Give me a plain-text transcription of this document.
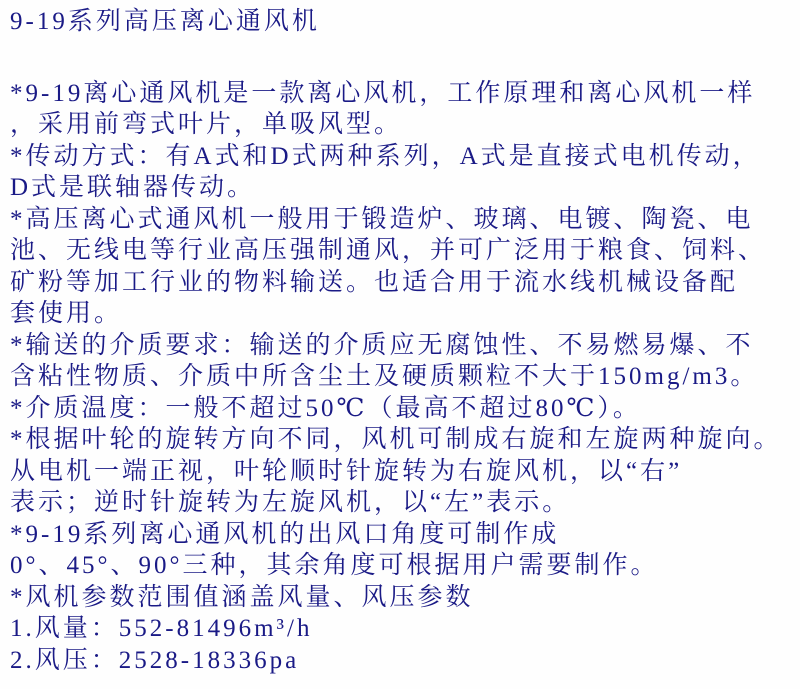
9-19系列高压离心通风机
*9-19离心通风机是一款离心风机，工作原理和离心风机一样
，采用前弯式叶片，单吸风型。
*传动方式：有A式和D式两种系列，A式是直接式电机传动，
D式是联轴器传动。
*高压离心式通风机一般用于锻造炉、玻璃、电镀、陶瓷、电
池、无线电等行业高压强制通风，并可广泛用于粮食、饲料、
矿粉等加工行业的物料输送。也适合用于流水线机械设备配
套使用。
*输送的介质要求：输送的介质应无腐蚀性、不易燃易爆、不
含粘性物质、介质中所含尘土及硬质颗粒不大于150mg/m3。
*介质温度：一般不超过50℃（最高不超过80℃）。
*根据叶轮的旋转方向不同，风机可制成右旋和左旋两种旋向。
从电机一端正视，叶轮顺时针旋转为右旋风机，以“右”
表示；逆时针旋转为左旋风机，以“左”表示。
*9-19系列离心通风机的出风口角度可制作成
0°、45°、90°三种，其余角度可根据用户需要制作。
*风机参数范围值涵盖风量、风压参数
1.风量：552-81496m³/h
2.风压：2528-18336pa
